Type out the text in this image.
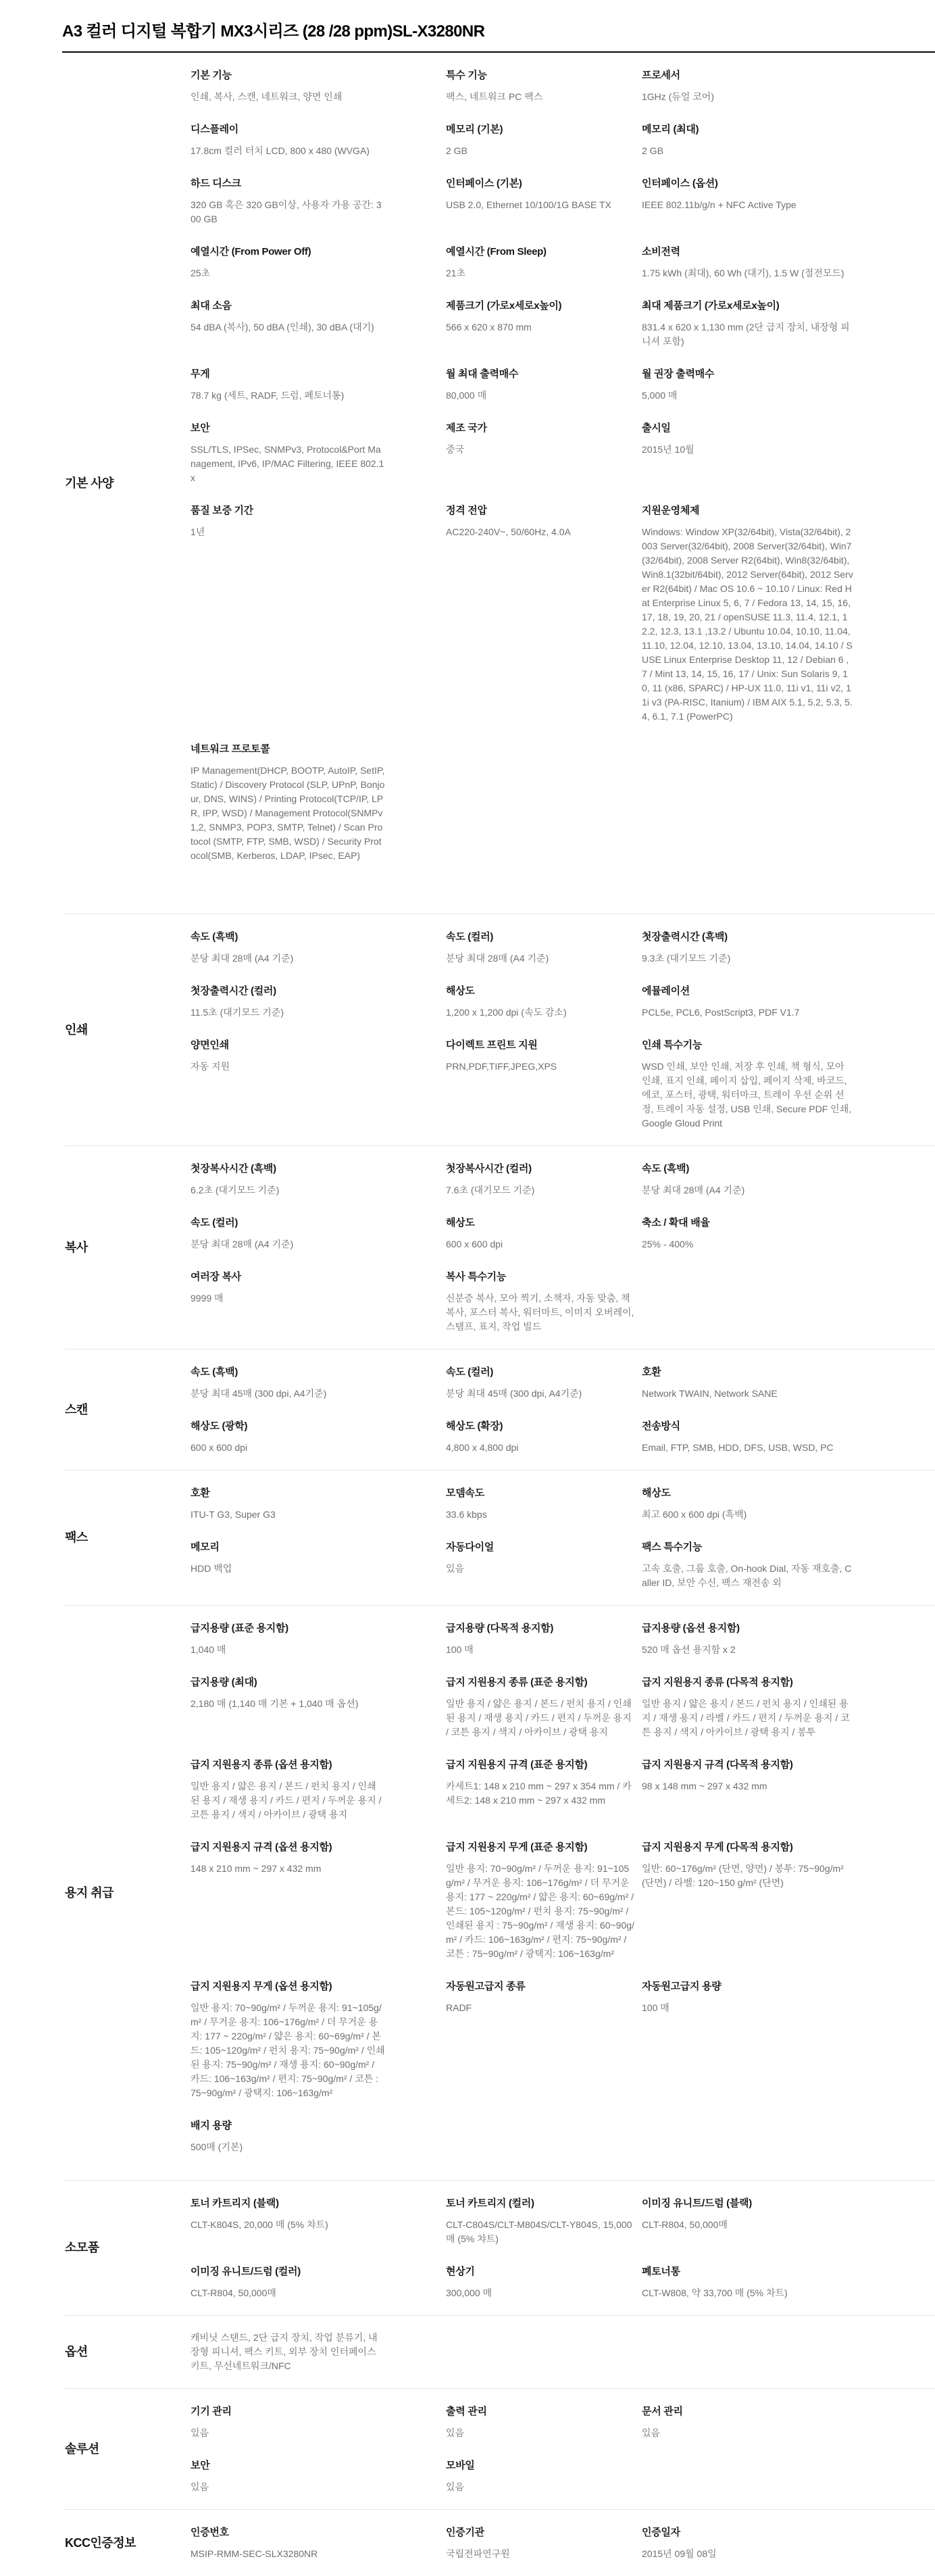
A3 컬러 디지털 복합기 MX3시리즈 (28 /28 ppm)SL-X3280NR
기본 사양
기본 기능

인쇄, 복사, 스캔, 네트워크, 양면 인쇄

특수 기능

팩스, 네트워크 PC 팩스

프로세서

1GHz (듀얼 코어)

디스플레이

17.8cm 컬러 터치 LCD, 800 x 480 (WVGA)

메모리 (기본)

2 GB

메모리 (최대)

2 GB

하드 디스크

320 GB 혹은 320 GB이상, 사용자 가용 공간: 300 GB

인터페이스 (기본)

USB 2.0, Ethernet 10/100/1G BASE TX

인터페이스 (옵션)

IEEE 802.11b/g/n + NFC Active Type

예열시간 (From Power Off)

25초

예열시간 (From Sleep)

21초

소비전력

1.75 kWh (최대), 60 Wh (대기), 1.5 W (절전모드)

최대 소음

54 dBA (복사), 50 dBA (인쇄), 30 dBA (대기)

제품크기 (가로x세로x높이)

566 x 620 x 870 mm

최대 제품크기 (가로x세로x높이)

831.4 x 620 x 1,130 mm (2단 급지 장치, 내장형 피니셔 포함)

무게

78.7 kg (세트, RADF, 드럼, 폐토너통)

월 최대 출력매수

80,000 매

월 권장 출력매수

5,000 매

보안

SSL/TLS, IPSec, SNMPv3, Protocol&Port Management, IPv6, IP/MAC Filtering, IEEE 802.1x

제조 국가

중국

출시일

2015년 10월

품질 보증 기간

1년

정격 전압

AC220-240V~, 50/60Hz, 4.0A

지원운영체제

Windows: Window XP(32/64bit), Vista(32/64bit), 2003 Server(32/64bit), 2008 Server(32/64bit), Win7(32/64bit), 2008 Server R2(64bit), Win8(32/64bit), Win8.1(32bit/64bit), 2012 Server(64bit), 2012 Server R2(64bit) / Mac OS 10.6 ~ 10.10 / Linux: Red Hat Enterprise Linux 5, 6, 7 / Fedora 13, 14, 15, 16, 17, 18, 19, 20, 21 / openSUSE 11.3, 11.4, 12.1, 12.2, 12.3, 13.1 ,13.2 / Ubuntu 10.04, 10.10, 11.04, 11.10, 12.04, 12.10, 13.04, 13.10, 14.04, 14.10 / SUSE Linux Enterprise Desktop 11, 12 / Debian 6 ,7 / Mint 13, 14, 15, 16, 17 / Unix: Sun Solaris 9, 10, 11 (x86, SPARC) / HP-UX 11.0, 11i v1, 11i v2, 11i v3 (PA-RISC, Itanium) / IBM AIX 5.1, 5.2, 5.3, 5.4, 6.1, 7.1 (PowerPC)

네트워크 프로토콜

IP Management(DHCP, BOOTP, AutoIP, SetIP, Static) / Discovery Protocol (SLP, UPnP, Bonjour, DNS, WINS) / Printing Protocol(TCP/IP, LPR, IPP, WSD) / Management Protocol(SNMPv1,2, SNMP3, POP3, SMTP, Telnet) / Scan Protocol (SMTP, FTP, SMB, WSD) / Security Protocol(SMB, Kerberos, LDAP, IPsec, EAP)

인쇄
속도 (흑백)

분당 최대 28매 (A4 기준)

속도 (컬러)

분당 최대 28매 (A4 기준)

첫장출력시간 (흑백)

9.3초 (대기모드 기준)

첫장출력시간 (컬러)

11.5초 (대기모드 기준)

해상도

1,200 x 1,200 dpi (속도 감소)

에뮬레이션

PCL5e, PCL6, PostScript3, PDF V1.7

양면인쇄

자동 지원

다이렉트 프린트 지원

PRN,PDF,TIFF,JPEG,XPS

인쇄 특수기능

WSD 인쇄, 보안 인쇄, 저장 후 인쇄, 책 형식, 모아 인쇄, 표지 인쇄, 페이지 삽입, 페이지 삭제, 바코드, 에코, 포스터, 광택, 워터마크, 트레이 우선 순위 선정, 트레이 자동 설정, USB 인쇄, Secure PDF 인쇄, Google Gloud Print

복사
첫장복사시간 (흑백)

6.2초 (대기모드 기준)

첫장복사시간 (컬러)

7.6초 (대기모드 기준)

속도 (흑백)

분당 최대 28매 (A4 기준)

속도 (컬러)

분당 최대 28매 (A4 기준)

해상도

600 x 600 dpi

축소 / 확대 배율

25% - 400%

여러장 복사

9999 매

복사 특수기능

신분증 복사, 모아 찍기, 소책자, 자동 맞춤, 책 복사, 포스터 복사, 워터마트, 이미지 오버레이, 스탬프, 표지, 작업 빌드

스캔
속도 (흑백)

분당 최대 45매 (300 dpi, A4기준)

속도 (컬러)

분당 최대 45매 (300 dpi, A4기준)

호환

Network TWAIN, Network SANE

해상도 (광학)

600 x 600 dpi

해상도 (확장)

4,800 x 4,800 dpi

전송방식

Email, FTP, SMB, HDD, DFS, USB, WSD, PC

팩스
호환

ITU-T G3, Super G3

모뎀속도

33.6 kbps

해상도

최고 600 x 600 dpi (흑백)

메모리

HDD 백업

자동다이얼

있음

팩스 특수기능

고속 호출, 그룹 호출, On-hook Dial, 자동 재호출, Caller ID, 보안 수신, 팩스 재전송 외

용지 취급
급지용량 (표준 용지함)

1,040 매

급지용량 (다목적 용지함)

100 매

급지용량 (옵션 용지함)

520 매 옵션 용지함 x 2

급지용량 (최대)

2,180 매 (1,140 매 기본 + 1,040 매 옵션)

급지 지원용지 종류 (표준 용지함)

일반 용지 / 얇은 용지 / 본드 / 펀치 용지 / 인쇄된 용지 / 재생 용지 / 카드 / 편지 / 두꺼운 용지 / 코튼 용지 / 색지 / 아카이브 / 광택 용지

급지 지원용지 종류 (다목적 용지함)

일반 용지 / 얇은 용지 / 본드 / 펀치 용지 / 인쇄된 용지 / 재생 용지 / 라벨 / 카드 / 편지 / 두꺼운 용지 / 코튼 용지 / 색지 / 아카이브 / 광택 용지 / 봉투

급지 지원용지 종류 (옵션 용지함)

일반 용지 / 얇은 용지 / 본드 / 펀치 용지 / 인쇄된 용지 / 재생 용지 / 카드 / 편지 / 두꺼운 용지 / 코튼 용지 / 색지 / 아카이브 / 광택 용지

급지 지원용지 규격 (표준 용지함)

카세트1: 148 x 210 mm ~ 297 x 354 mm / 카세트2: 148 x 210 mm ~ 297 x 432 mm

급지 지원용지 규격 (다목적 용지함)

98 x 148 mm ~ 297 x 432 mm

급지 지원용지 규격 (옵션 용지함)

148 x 210 mm ~ 297 x 432 mm

급지 지원용지 무게 (표준 용지함)

일반 용지: 70~90g/m² / 두꺼운 용지: 91~105g/m² / 무거운 용지: 106~176g/m² / 더 무거운 용지: 177 ~ 220g/m² / 얇은 용지: 60~69g/m² / 본드: 105~120g/m² / 펀치 용지: 75~90g/m² / 인쇄된 용지 : 75~90g/m² / 재생 용지: 60~90g/m² / 카드: 106~163g/m² / 편지: 75~90g/m² / 코튼 : 75~90g/m² / 광택지: 106~163g/m²

급지 지원용지 무게 (다목적 용지함)

일반: 60~176g/m² (단면, 양면) / 봉투: 75~90g/m²(단면) / 라벨: 120~150 g/m² (단면)

급지 지원용지 무게 (옵션 용지함)

일반 용지: 70~90g/m² / 두꺼운 용지: 91~105g/m² / 무거운 용지: 106~176g/m² / 더 무거운 용지: 177 ~ 220g/m² / 얇은 용지: 60~69g/m² / 본드: 105~120g/m² / 펀치 용지: 75~90g/m² / 인쇄된 용지: 75~90g/m² / 재생 용지: 60~90g/m² / 카드: 106~163g/m² / 편지: 75~90g/m² / 코튼 : 75~90g/m² / 광택지: 106~163g/m²

자동원고급지 종류

RADF

자동원고급지 용량

100 매

배지 용량

500매 (기본)

소모품
토너 카트리지 (블랙)

CLT-K804S, 20,000 매 (5% 챠트)

토너 카트리지 (컬러)

CLT-C804S/CLT-M804S/CLT-Y804S, 15,000 매 (5% 챠트)

이미징 유니트/드럼 (블랙)

CLT-R804, 50,000매

이미징 유니트/드럼 (컬러)

CLT-R804, 50,000매

현상기

300,000 매

폐토너통

CLT-W808, 약 33,700 매 (5% 차트)

옵션

캐비닛 스탠드, 2단 급지 장치, 작업 분류기, 내장형 피니셔, 팩스 키트, 외부 장치 인터페이스 키트, 무선네트워크/NFC

솔루션
기기 관리

있음

출력 관리

있음

문서 관리

있음

보안

있음

모바일

있음

KCC인증정보
인증번호

MSIP-RMM-SEC-SLX3280NR

인증기관

국립전파연구원

인증일자

2015년 09월 08일
